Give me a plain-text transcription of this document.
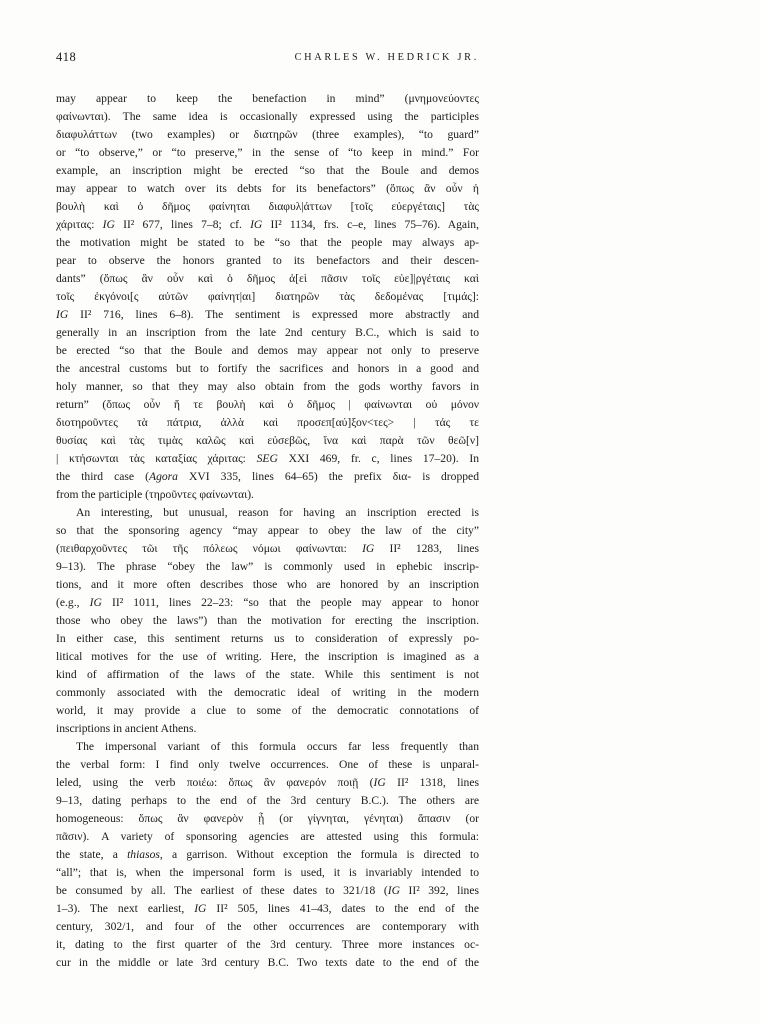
418	CHARLES W. HEDRICK JR.
may appear to keep the benefaction in mind” (μνημονεύοντες
φαίνωνται). The same idea is occasionally expressed using the participles
διαφυλάττων (two examples) or διατηρῶν (three examples), “to guard”
or “to observe,” or “to preserve,” in the sense of “to keep in mind.” For
example, an inscription might be erected “so that the Boule and demos
may appear to watch over its debts for its benefactors” (ὅπως ἂν οὖν ἡ
βουλὴ καὶ ὁ δῆμος φαίνηται διαφυλ|άττων [τοῖς εὐεργέταις] τὰς
χάριτας: IG II² 677, lines 7–8; cf. IG II² 1134, frs. c–e, lines 75–76). Again,
the motivation might be stated to be “so that the people may always ap-
pear to observe the honors granted to its benefactors and their descen-
dants” (ὅπως ἂν οὖν καὶ ὁ δῆμος ἀ[εὶ πᾶσιν τοῖς εὐε]|ργέταις καὶ
τοῖς ἐκγόνοι[ς αὐτῶν φαίνητ|αι] διατηρῶν τὰς δεδομένας [τιμάς]:
IG II² 716, lines 6–8). The sentiment is expressed more abstractly and
generally in an inscription from the late 2nd century B.C., which is said to
be erected “so that the Boule and demos may appear not only to preserve
the ancestral customs but to fortify the sacrifices and honors in a good and
holy manner, so that they may also obtain from the gods worthy favors in
return” (ὅπως οὖν ἥ τε βουλὴ καὶ ὁ δῆμος | φαίνωνται οὐ μόνον
διοτηροῦντες τὰ πάτρια, ἀλλὰ καὶ προσεπ[αύ]ξον<τες> | τάς τε
θυσίας καὶ τὰς τιμὰς καλῶς καὶ εὐσεβῶς, ἵνα καὶ παρὰ τῶν θεῶ[ν]
| κτήσωνται τὰς καταξίας χάριτας: SEG XXI 469, fr. c, lines 17–20). In
the third case (Agora XVI 335, lines 64–65) the prefix δια- is dropped
from the participle (τηροῦντες φαίνωνται).
An interesting, but unusual, reason for having an inscription erected is
so that the sponsoring agency “may appear to obey the law of the city”
(πειθαρχοῦντες τῶι τῆς πόλεως νόμωι φαίνωνται: IG II² 1283, lines
9–13). The phrase “obey the law” is commonly used in ephebic inscrip-
tions, and it more often describes those who are honored by an inscription
(e.g., IG II² 1011, lines 22–23: “so that the people may appear to honor
those who obey the laws”) than the motivation for erecting the inscription.
In either case, this sentiment returns us to consideration of expressly po-
litical motives for the use of writing. Here, the inscription is imagined as a
kind of affirmation of the laws of the state. While this sentiment is not
commonly associated with the democratic ideal of writing in the modern
world, it may provide a clue to some of the democratic connotations of
inscriptions in ancient Athens.
The impersonal variant of this formula occurs far less frequently than
the verbal form: I find only twelve occurrences. One of these is unparal-
leled, using the verb ποιέω: ὅπως ἂν φανερόν ποιῇ (IG II² 1318, lines
9–13, dating perhaps to the end of the 3rd century B.C.). The others are
homogeneous: ὅπως ἂν φανερὸν ᾖ (or γίγνηται, γένηται) ἅπασιν (or
πᾶσιν). A variety of sponsoring agencies are attested using this formula:
the state, a thiasos, a garrison. Without exception the formula is directed to
“all”; that is, when the impersonal form is used, it is invariably intended to
be consumed by all. The earliest of these dates to 321/18 (IG II² 392, lines
1–3). The next earliest, IG II² 505, lines 41–43, dates to the end of the
century, 302/1, and four of the other occurrences are contemporary with
it, dating to the first quarter of the 3rd century. Three more instances oc-
cur in the middle or late 3rd century B.C. Two texts date to the end of the
